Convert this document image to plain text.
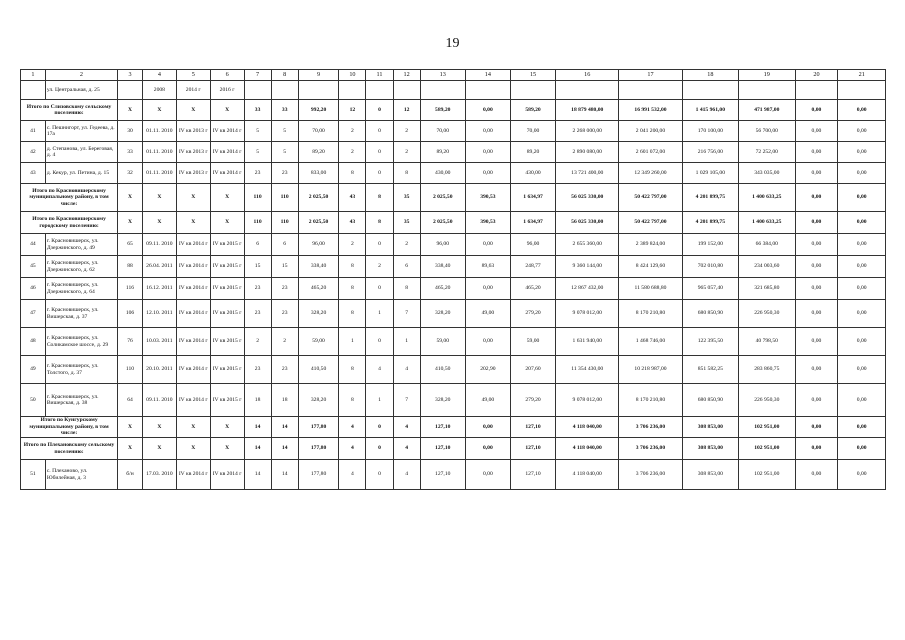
19
1	2	3	4	5	6	7	8	9	10	11	12	13	14	15	16	17	18	19	20	21
	ул. Центральная, д. 25		2008	2014 г	2016 г															
Итого по Слизовскому сельскому поселению:		X	X	X	X	33	33	992,20	12	0	12	589,20	0,00	589,20	18 879 480,00	16 991 532,00	1 415 961,00	471 987,00	0,00	0,00
41	с. Пешнигорт, ул. Гедеева, д. 17а	30	01.11. 2010	IV кв 2013 г	IV кв 2014 г	5	5	70,00	2	0	2	70,00	0,00	70,00	2 268 000,00	2 041 200,00	170 100,00	56 700,00	0,00	0,00
42	д. Степанова, ул. Береговая, д. 4	33	01.11. 2010	IV кв 2013 г	IV кв 2014 г	5	5	89,20	2	0	2	89,20	0,00	89,20	2 890 080,00	2 601 072,00	216 756,00	72 252,00	0,00	0,00
43	д. Кекур, ул. Петина, д. 15	32	01.11. 2010	IV кв 2013 г	IV кв 2014 г	23	23	833,00	8	0	8	430,00	0,00	430,00	13 721 400,00	12 349 260,00	1 029 105,00	343 035,00	0,00	0,00
Итого по Красновишерскому муниципальному району, в том числе:		X	X	X	X	110	110	2 025,50	43	8	35	2 025,50	390,53	1 634,97	56 025 330,00	50 422 797,00	4 201 899,75	1 400 633,25	0,00	0,00
Итого по Красновишерскому городскому поселению:		X	X	X	X	110	110	2 025,50	43	8	35	2 025,50	390,53	1 634,97	56 025 330,00	50 422 797,00	4 201 899,75	1 400 633,25	0,00	0,00
44	г. Красновишерск, ул. Дзержинского, д. 49	65	09.11. 2010	IV кв 2014 г	IV кв 2015 г	6	6	96,00	2	0	2	96,00	0,00	96,00	2 655 360,00	2 389 824,00	199 152,00	66 384,00	0,00	0,00
45	г. Красновишерск, ул. Дзержинского, д. 62	88	26.04. 2011	IV кв 2014 г	IV кв 2015 г	15	15	338,40	8	2	6	338,40	89,63	248,77	9 360 144,00	8 424 129,60	702 010,80	234 003,60	0,00	0,00
46	г. Красновишерск, ул. Дзержинского, д. 64	116	16.12. 2011	IV кв 2014 г	IV кв 2015 г	23	23	465,20	8	0	8	465,20	0,00	465,20	12 867 432,00	11 580 688,80	965 057,40	321 685,80	0,00	0,00
47	г. Красновишерск, ул. Вишерская, д. 37	106	12.10. 2011	IV кв 2014 г	IV кв 2015 г	23	23	328,20	8	1	7	328,20	49,00	279,20	9 078 012,00	8 170 210,80	680 850,90	226 950,30	0,00	0,00
48	г. Красновишерск, ул. Соликамское шоссе, д. 29	76	10.03. 2011	IV кв 2014 г	IV кв 2015 г	2	2	59,00	1	0	1	59,00	0,00	59,00	1 631 940,00	1 468 746,00	122 395,50	40 798,50	0,00	0,00
49	г. Красновишерск, ул. Толстого, д. 37	110	20.10. 2011	IV кв 2014 г	IV кв 2015 г	23	23	410,50	8	4	4	410,50	202,90	207,60	11 354 430,00	10 218 987,00	851 582,25	283 860,75	0,00	0,00
50	г. Красновишерск, ул. Вишерская, д. 38	64	09.11. 2010	IV кв 2014 г	IV кв 2015 г	18	18	328,20	8	1	7	328,20	49,00	279,20	9 078 012,00	8 170 210,80	680 850,90	226 950,30	0,00	0,00
Итого по Кунгурскому муниципальному району, в том числе:		X	X	X	X	14	14	177,80	4	0	4	127,10	0,00	127,10	4 118 040,00	3 706 236,00	308 853,00	102 951,00	0,00	0,00
Итого по Плехановскому сельскому поселению:		X	X	X	X	14	14	177,80	4	0	4	127,10	0,00	127,10	4 118 040,00	3 706 236,00	308 853,00	102 951,00	0,00	0,00
51	с. Плеханово, ул. Юбилейная, д. 3	б/н	17.03. 2010	IV кв 2014 г	IV кв 2014 г	14	14	177,80	4	0	4	127,10	0,00	127,10	4 118 040,00	3 706 236,00	308 853,00	102 951,00	0,00	0,00
